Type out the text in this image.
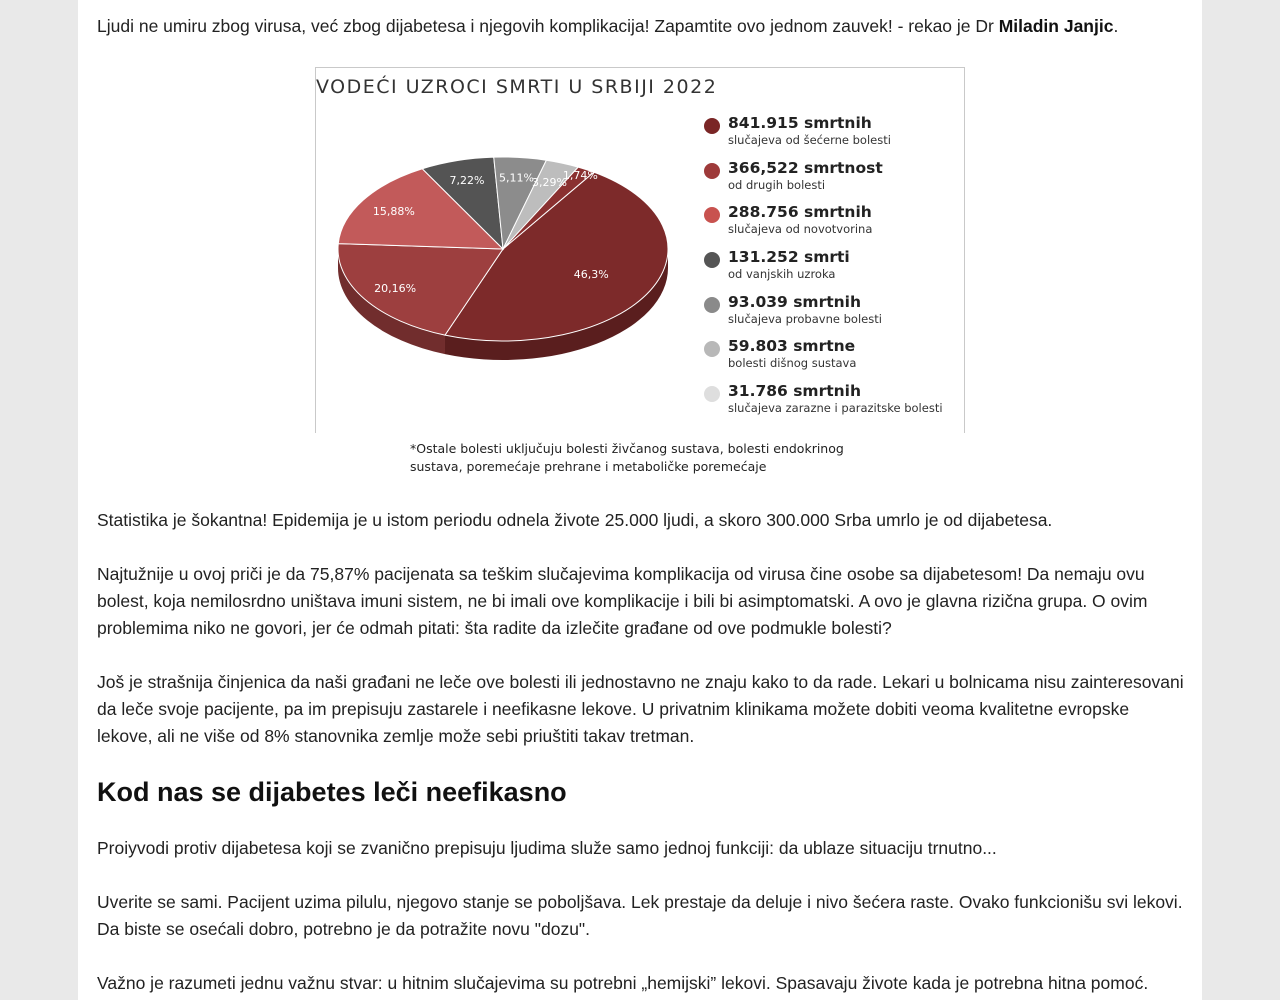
Ljudi ne umiru zbog virusa, već zbog dijabetesa i njegovih komplikacija! Zapamtite ovo jednom zauvek! - rekao je Dr Miladin Janjic.

Statistika je šokantna! Epidemija je u istom periodu odnela živote 25.000 ljudi, a skoro 300.000 Srba umrlo je od dijabetesa.

Najtužnije u ovoj priči je da 75,87% pacijenata sa teškim slučajevima komplikacija od virusa čine osobe sa dijabetesom! Da nemaju ovu bolest, koja nemilosrdno uništava imuni sistem, ne bi imali ove komplikacije i bili bi asimptomatski. A ovo je glavna rizična grupa. O ovim problemima niko ne govori, jer će odmah pitati: šta radite da izlečite građane od ove podmukle bolesti?

Još je strašnija činjenica da naši građani ne leče ove bolesti ili jednostavno ne znaju kako to da rade. Lekari u bolnicama nisu zainteresovani da leče svoje pacijente, pa im prepisuju zastarele i neefikasne lekove. U privatnim klinikama možete dobiti veoma kvalitetne evropske lekove, ali ne više od 8% stanovnika zemlje može sebi priuštiti takav tretman.

Kod nas se dijabetes leči neefikasno

Proiyvodi protiv dijabetesa koji se zvanično prepisuju ljudima služe samo jednoj funkciji: da ublaze situaciju trnutno...

Uverite se sami. Pacijent uzima pilulu, njegovo stanje se poboljšava. Lek prestaje da deluje i nivo šećera raste. Ovako funkcionišu svi lekovi. Da biste se osećali dobro, potrebno je da potražite novu "dozu".

Važno je razumeti jednu važnu stvar: u hitnim slučajevima su potrebni „hemijski” lekovi. Spasavaju živote kada je potrebna hitna pomoć.

VODEĆI UZROCI SMRTI U SRBIJI 2022
46,3%
20,16%
15,88%
7,22% 5,11%
3,29%
1,74%
841.915 smrtnih
slučajeva od šećerne bolesti
366,522 smrtnost
od drugih bolesti
288.756 smrtnih
slučajeva od novotvorina
131.252 smrti
od vanjskih uzroka
93.039 smrtnih
slučajeva probavne bolesti
59.803 smrtne
bolesti dišnog sustava
31.786 smrtnih
slučajeva zarazne i parazitske bolesti
*Ostale bolesti uključuju bolesti živčanog sustava, bolesti endokrinog sustava, poremećaje prehrane i metaboličke poremećaje
